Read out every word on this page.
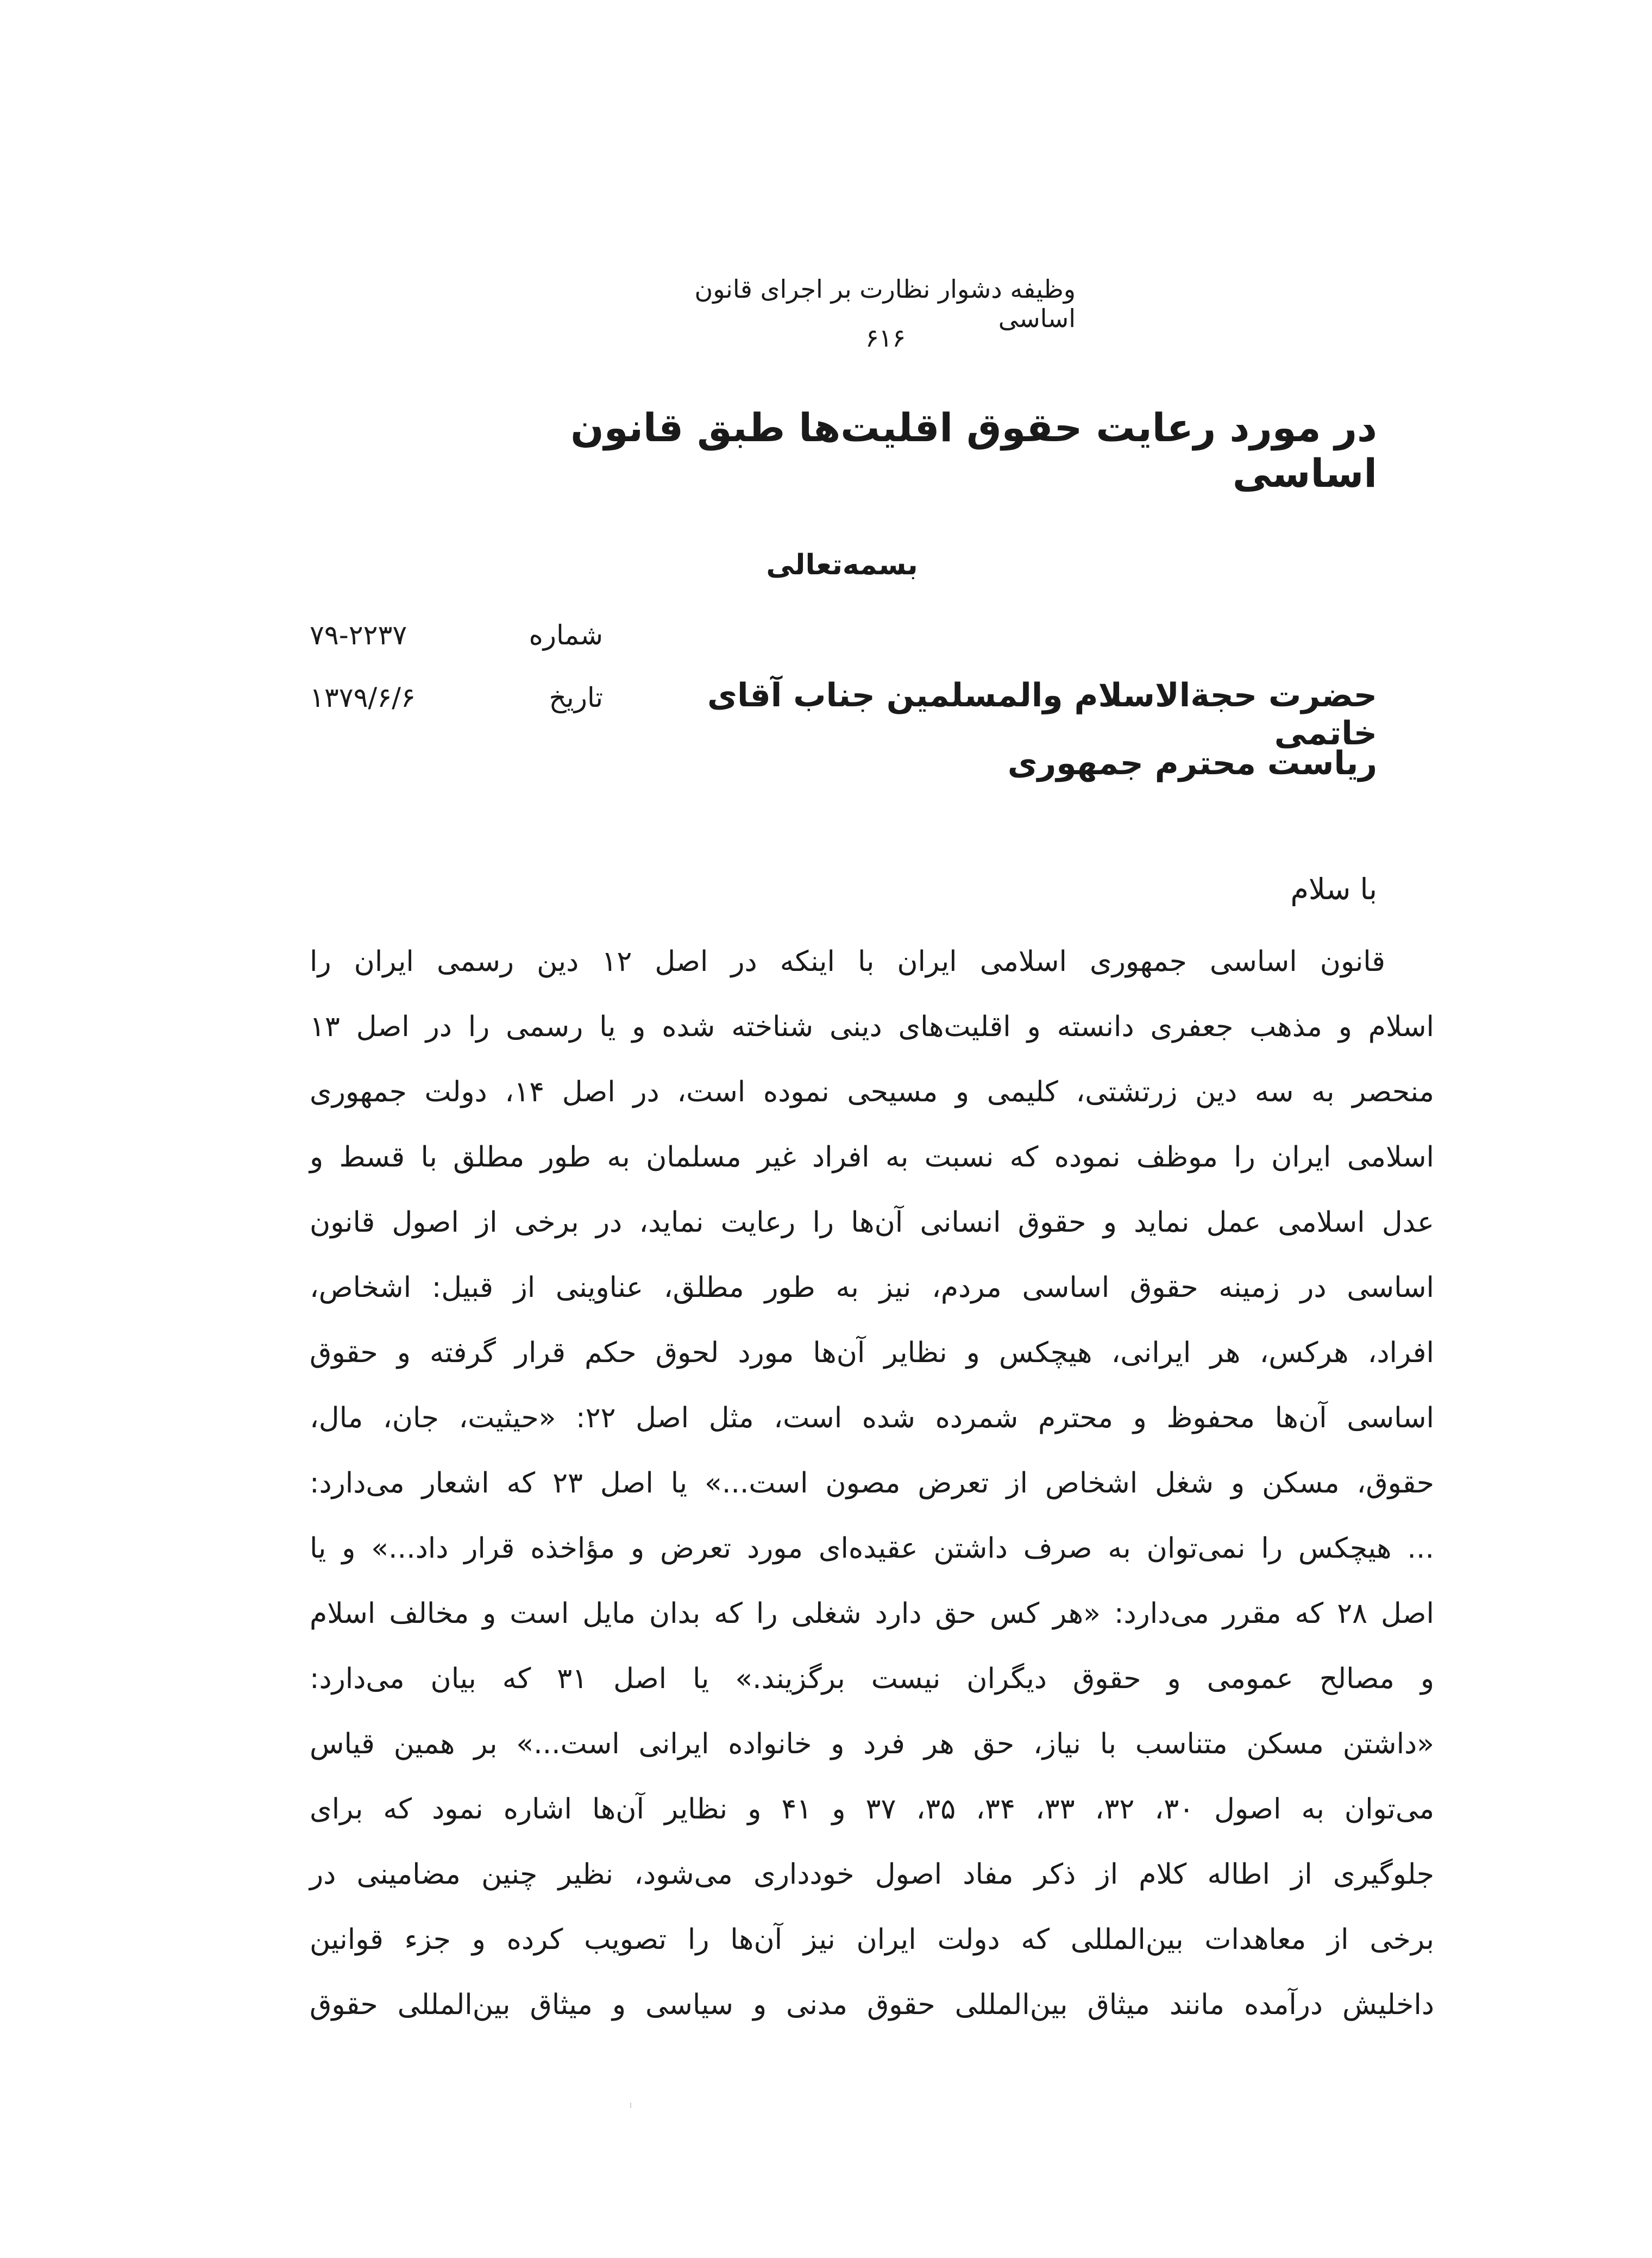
وظیفه دشوار نظارت بر اجرای قانون اساسی
۶۱۶
در مورد رعایت حقوق اقلیت‌ها طبق قانون اساسی
بسمه‌تعالی
شماره
۷۹-۲۲۳۷
تاریخ
۱۳۷۹/۶/۶	حضرت حجة‌الاسلام والمسلمین جناب آقای خاتمی
ریاست محترم جمهوری
با سلام
قانون اساسی جمهوری اسلامی ایران با اینکه در اصل ۱۲ دین رسمی ایران را
اسلام و مذهب جعفری دانسته و اقلیت‌های دینی شناخته شده و یا رسمی را در اصل ۱۳
منحصر به سه دین زرتشتی، کلیمی و مسیحی نموده است، در اصل ۱۴، دولت جمهوری
اسلامی ایران را موظف نموده که نسبت به افراد غیر مسلمان به طور مطلق با قسط و
عدل اسلامی عمل نماید و حقوق انسانی آن‌ها را رعایت نماید، در برخی از اصول قانون
اساسی در زمینه حقوق اساسی مردم، نیز به طور مطلق، عناوینی از قبیل: اشخاص،
افراد، هرکس، هر ایرانی، هیچکس و نظایر آن‌ها مورد لحوق حکم قرار گرفته و حقوق
اساسی آن‌ها محفوظ و محترم شمرده شده است، مثل اصل ۲۲: «حیثیت، جان، مال،
حقوق، مسکن و شغل اشخاص از تعرض مصون است...» یا اصل ۲۳ که اشعار می‌دارد:
... هیچکس را نمی‌توان به صرف داشتن عقیده‌ای مورد تعرض و مؤاخذه قرار داد...» و یا
اصل ۲۸ که مقرر می‌دارد: «هر کس حق دارد شغلی را که بدان مایل است و مخالف اسلام
و مصالح عمومی و حقوق دیگران نیست برگزیند.» یا اصل ۳۱ که بیان می‌دارد:
«داشتن مسکن متناسب با نیاز، حق هر فرد و خانواده ایرانی است...» بر همین قیاس
می‌توان به اصول ۳۰، ۳۲، ۳۳، ۳۴، ۳۵، ۳۷ و ۴۱ و نظایر آن‌ها اشاره نمود که برای
جلوگیری از اطاله کلام از ذکر مفاد اصول خودداری می‌شود، نظیر چنین مضامینی در
برخی از معاهدات بین‌المللی که دولت ایران نیز آن‌ها را تصویب کرده و جزء قوانین
داخلیش درآمده مانند میثاق بین‌المللی حقوق مدنی و سیاسی و میثاق بین‌المللی حقوق
